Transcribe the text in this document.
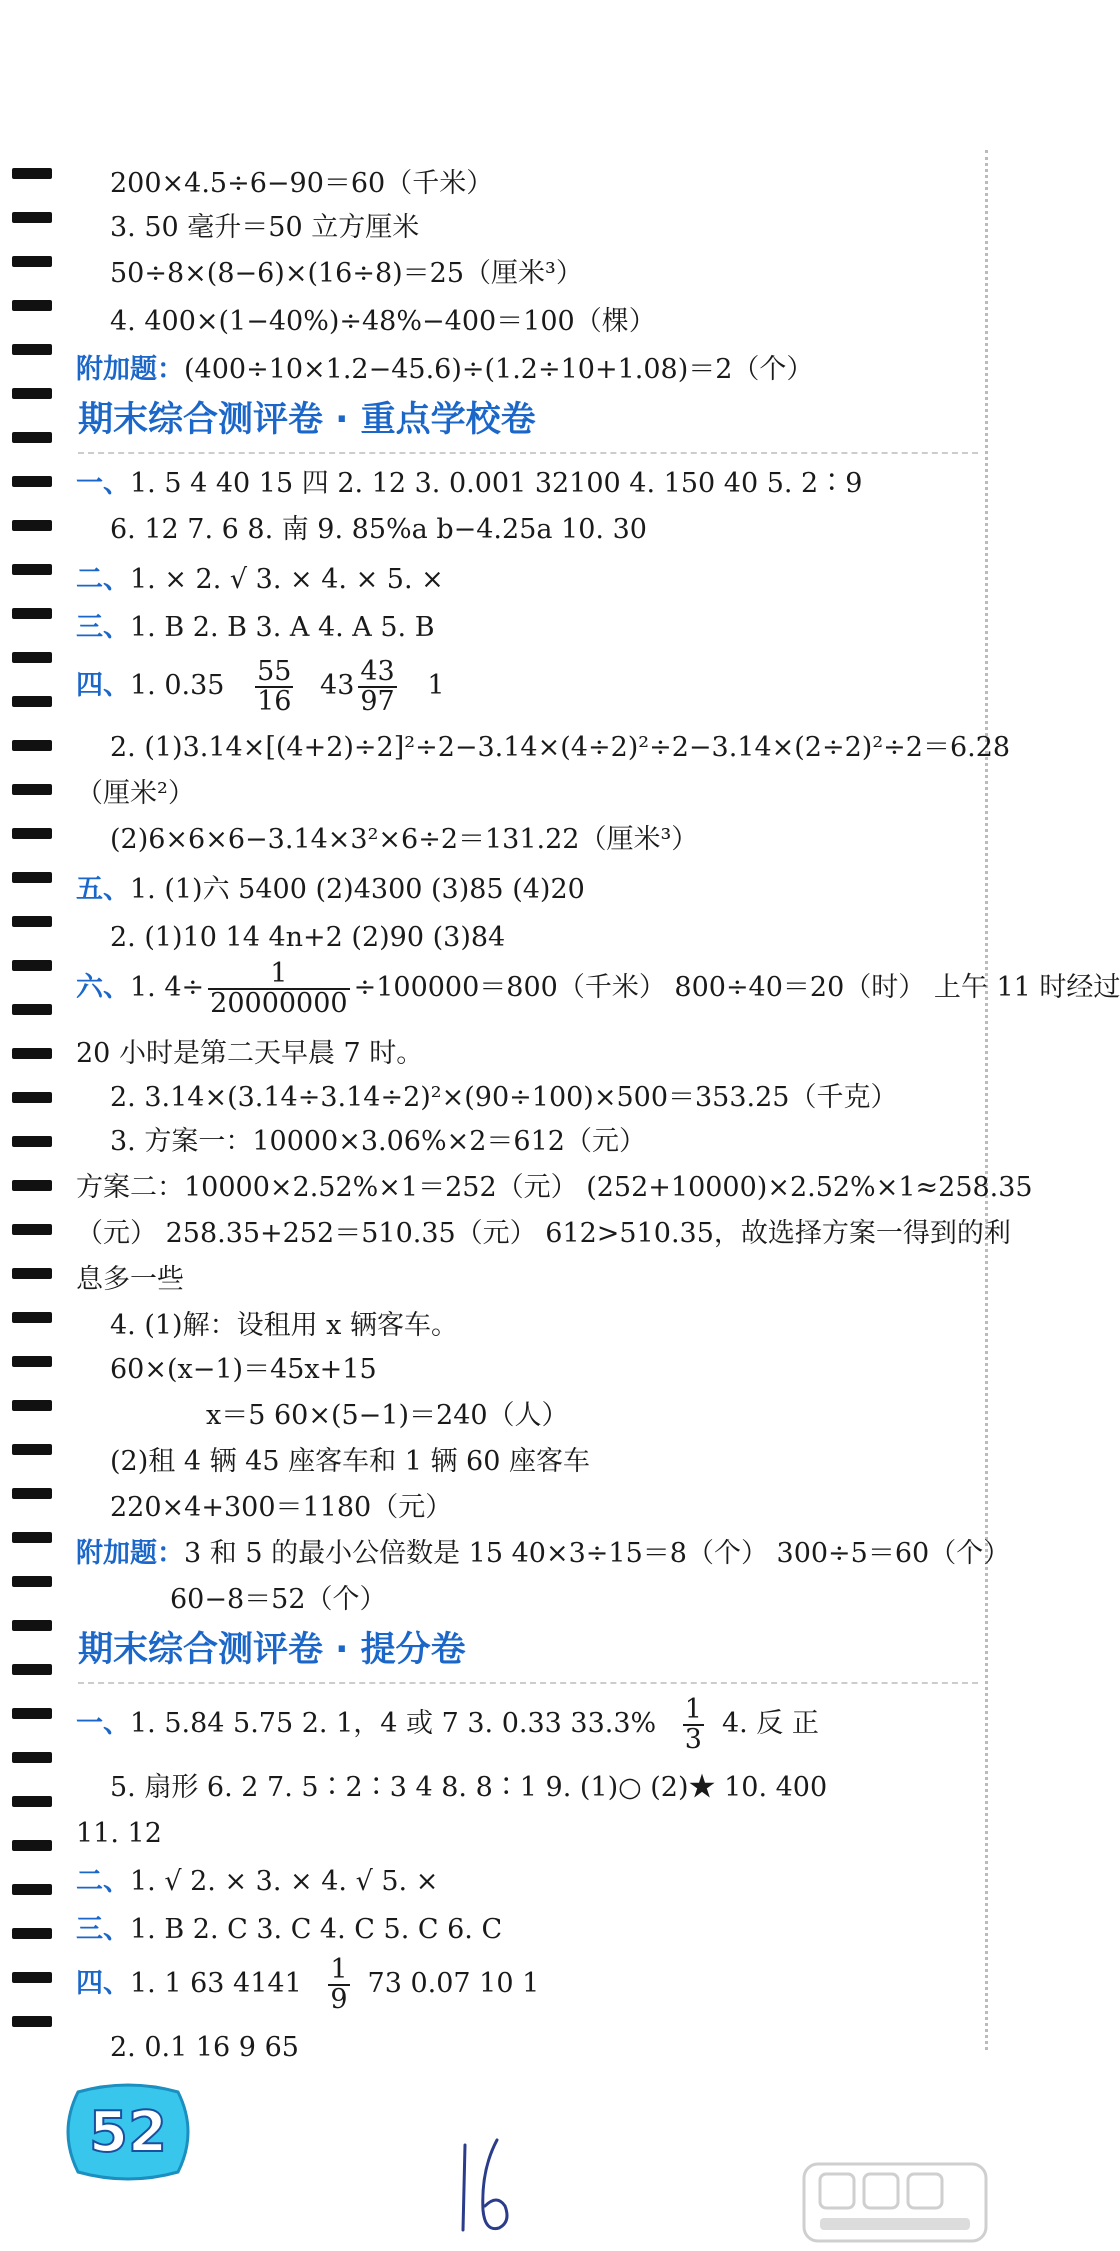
200×4.5÷6−90＝60（千米）
3. 50 毫升＝50 立方厘米
50÷8×(8−6)×(16÷8)＝25（厘米³）
4. 400×(1−40%)÷48%−400＝100（棵）
附加题：(400÷10×1.2−45.6)÷(1.2÷10+1.08)＝2（个）
期末综合测评卷 · 重点学校卷
一、1. 5 4 40 15 四 2. 12 3. 0.001 32100 4. 150 40 5. 2∶9
6. 12 7. 6 8. 南 9. 85%a b−4.25a 10. 30
二、1. × 2. √ 3. × 4. × 5. ×
三、1. B 2. B 3. A 4. A 5. B
四、1. $0.35 \frac{55}{16} 43 \frac{43}{97} 1$
2. (1)3.14×[(4+2)÷2]²÷2−3.14×(4÷2)²÷2−3.14×(2÷2)²÷2＝6.28
（厘米²）
(2)6×6×6−3.14×3²×6÷2＝131.22（厘米³）
五、1. (1)六 5400 (2)4300 (3)85 (4)20
2. (1)10 14 4n+2 (2)90 (3)84
六、1. $4\div \frac{1}{20000000} \div 100000=800$（千米） 800÷40＝20（时） 上午 11 时经过
20 小时是第二天早晨 7 时。
2. 3.14×(3.14÷3.14÷2)²×(90÷100)×500＝353.25（千克）
3. 方案一：10000×3.06%×2＝612（元）
方案二：10000×2.52%×1＝252（元） (252+10000)×2.52%×1≈258.35
（元） 258.35+252＝510.35（元） 612>510.35，故选择方案一得到的利
息多一些
4. (1)解：设租用 x 辆客车。
60×(x−1)＝45x+15
x＝5 60×(5−1)＝240（人）
(2)租 4 辆 45 座客车和 1 辆 60 座客车
220×4+300＝1180（元）
附加题：3 和 5 的最小公倍数是 15 40×3÷15＝8（个） 300÷5＝60（个）
60−8＝52（个）
期末综合测评卷 · 提分卷
一、1. 5.84 5.75 2. 1，4 或 7 3. 0.33 $33.3\% \frac{1}{3} 4$. 反 正
5. 扇形 6. 2 7. 5∶2∶3 4 8. 8∶1 9. (1)○ (2)★ 10. 400
11. 12
二、1. √ 2. × 3. × 4. √ 5. ×
三、1. B 2. C 3. C 4. C 5. C 6. C
四、1. 1 63 $4141 \frac{1}{9} 73$ 0.07 10 1
2. 0.1 16 9 65
52
